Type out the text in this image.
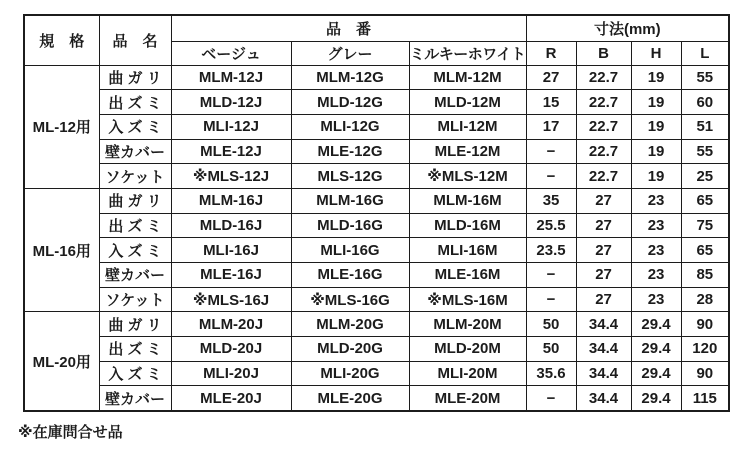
規　格	品　名	品　番			寸法(mm)			
		ベージュ	グレー	ミルキーホワイト	R	B	H	L
ML-12用	曲 ガ リ	MLM-12J	MLM-12G	MLM-12M	27	22.7	19	55
	出 ズ ミ	MLD-12J	MLD-12G	MLD-12M	15	22.7	19	60
	入 ズ ミ	MLI-12J	MLI-12G	MLI-12M	17	22.7	19	51
	壁カバー	MLE-12J	MLE-12G	MLE-12M	−	22.7	19	55
	ソケット	※MLS-12J	MLS-12G	※MLS-12M	−	22.7	19	25
ML-16用	曲 ガ リ	MLM-16J	MLM-16G	MLM-16M	35	27	23	65
	出 ズ ミ	MLD-16J	MLD-16G	MLD-16M	25.5	27	23	75
	入 ズ ミ	MLI-16J	MLI-16G	MLI-16M	23.5	27	23	65
	壁カバー	MLE-16J	MLE-16G	MLE-16M	−	27	23	85
	ソケット	※MLS-16J	※MLS-16G	※MLS-16M	−	27	23	28
ML-20用	曲 ガ リ	MLM-20J	MLM-20G	MLM-20M	50	34.4	29.4	90
	出 ズ ミ	MLD-20J	MLD-20G	MLD-20M	50	34.4	29.4	120
	入 ズ ミ	MLI-20J	MLI-20G	MLI-20M	35.6	34.4	29.4	90
	壁カバー	MLE-20J	MLE-20G	MLE-20M	−	34.4	29.4	115
※在庫問合せ品
